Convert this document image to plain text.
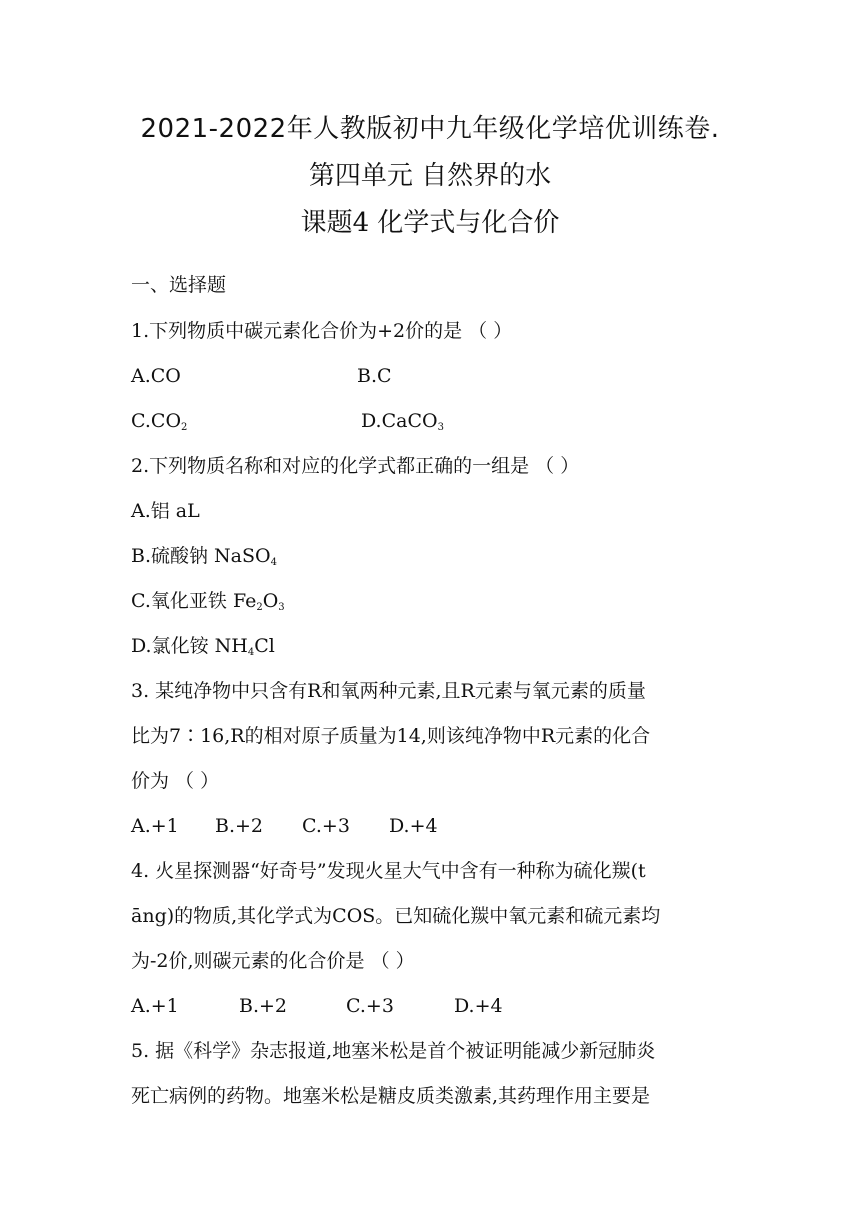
2021-2022年人教版初中九年级化学培优训练卷.
第四单元 自然界的水
课题4 化学式与化合价
一、选择题
1.下列物质中碳元素化合价为+2价的是 （ ）
A.CO	B.C
$C.CO_2$	D.CaCO$_3$
2.下列物质名称和对应的化学式都正确的一组是 （ ）
A.铝 aL
B.硫酸钠 NaSO$_4$
C.氧化亚铁 $Fe_2O_3$
D.氯化铵 $NH_4Cl$
3. 某纯净物中只含有R和氧两种元素,且R元素与氧元素的质量
比为7∶16,R的相对原子质量为14,则该纯净物中R元素的化合
价为 （ ）
A.+1 B.+2 C.+3 D.+4
4. 火星探测器“好奇号”发现火星大气中含有一种称为硫化羰(t
āng)的物质,其化学式为COS。已知硫化羰中氧元素和硫元素均
为-2价,则碳元素的化合价是 （ ）
A.+1	B.+2	C.+3	D.+4
5. 据《科学》杂志报道,地塞米松是首个被证明能减少新冠肺炎
死亡病例的药物。地塞米松是糖皮质类激素,其药理作用主要是
